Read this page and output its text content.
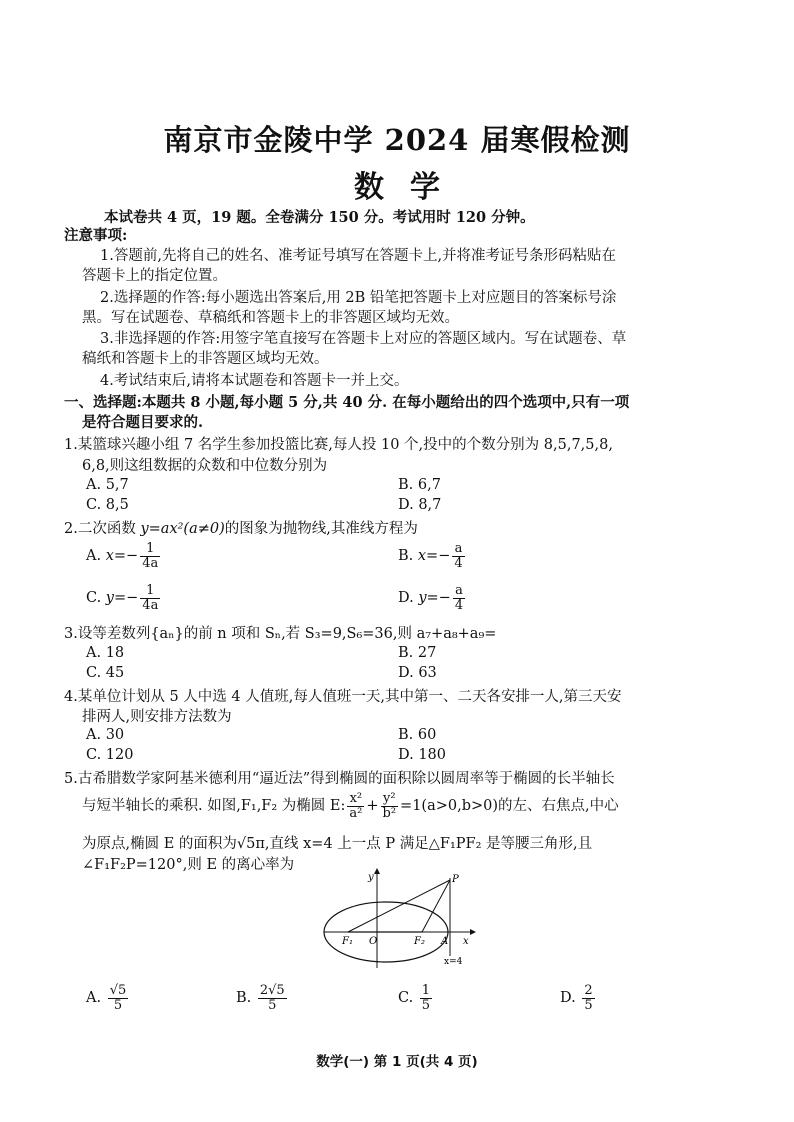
南京市金陵中学 2024 届寒假检测
数学
本试卷共 4 页，19 题。全卷满分 150 分。考试用时 120 分钟。
注意事项:
1.答题前,先将自己的姓名、准考证号填写在答题卡上,并将准考证号条形码粘贴在
答题卡上的指定位置。
2.选择题的作答:每小题选出答案后,用 2B 铅笔把答题卡上对应题目的答案标号涂
黑。写在试题卷、草稿纸和答题卡上的非答题区域均无效。
3.非选择题的作答:用签字笔直接写在答题卡上对应的答题区域内。写在试题卷、草
稿纸和答题卡上的非答题区域均无效。
4.考试结束后,请将本试题卷和答题卡一并上交。
一、选择题:本题共 8 小题,每小题 5 分,共 40 分. 在每小题给出的四个选项中,只有一项
是符合题目要求的.
1.某篮球兴趣小组 7 名学生参加投篮比赛,每人投 10 个,投中的个数分别为 8,5,7,5,8,
6,8,则这组数据的众数和中位数分别为
A. 5,7	B. 6,7
C. 8,5	D. 8,7
2.二次函数 y=ax²(a≠0)的图象为抛物线,其准线方程为
A. $x=- \frac{1}{4a}$	B. $x=- \frac{a}{4}$
C. $y=- \frac{1}{4a}$	D. $y=- \frac{a}{4}$
3.设等差数列{aₙ}的前 n 项和 Sₙ,若 S₃=9,S₆=36,则 a₇+a₈+a₉=
A. 18	B. 27
C. 45	D. 63
4.某单位计划从 5 人中选 4 人值班,每人值班一天,其中第一、二天各安排一人,第三天安
排两人,则安排方法数为
A. 30	B. 60
C. 120	D. 180
5.古希腊数学家阿基米德利用“逼近法”得到椭圆的面积除以圆周率等于椭圆的长半轴长
与短半轴长的乘积. 如图,F₁,F₂ 为椭圆 E: $\frac{\text{x²}}{\text{a²}} + \frac{\text{y²}}{\text{b²}} =1(a>0,b>0)$的左、右焦点,中心
为原点,椭圆 E 的面积为√5π,直线 x=4 上一点 P 满足△F₁PF₂ 是等腰三角形,且
∠F₁F₂P=120°,则 E 的离心率为
y	P
F₁ O	F₂ A x
x=4
A. $\frac{√5}{5}$	B. $\frac{2√5}{5}$	C. $\frac{1}{5}$	D. $\frac{2}{5}$
数学(一) 第 1 页(共 4 页)
